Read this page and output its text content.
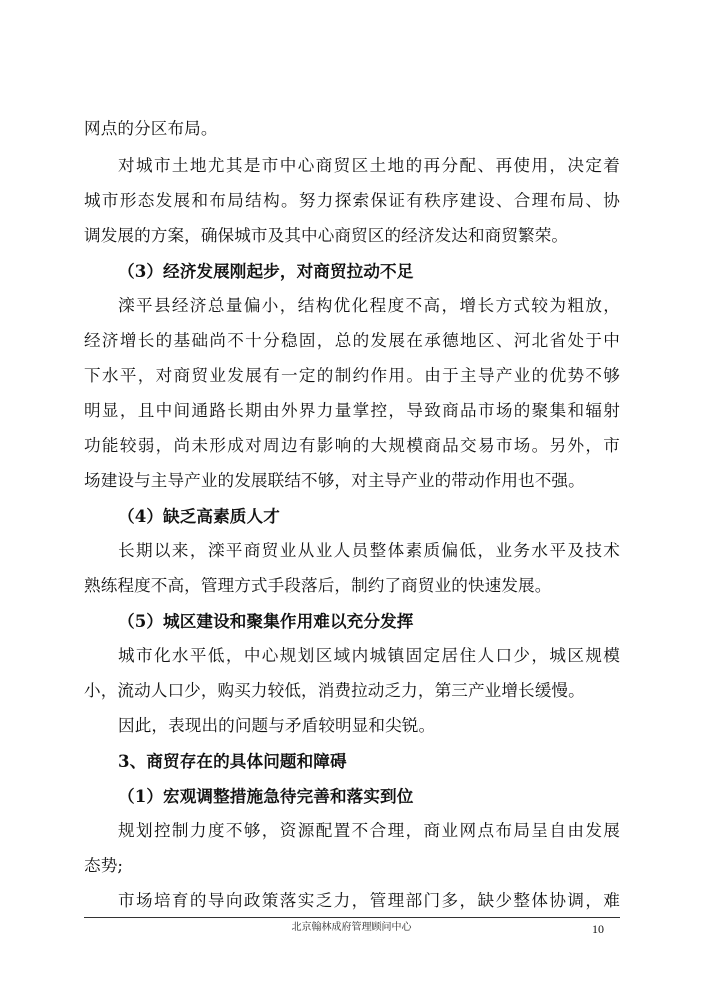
网点的分区布局。
对城市土地尤其是市中心商贸区土地的再分配、再使用，决定着
城市形态发展和布局结构。努力探索保证有秩序建设、合理布局、协
调发展的方案，确保城市及其中心商贸区的经济发达和商贸繁荣。
（3）经济发展刚起步，对商贸拉动不足
滦平县经济总量偏小，结构优化程度不高，增长方式较为粗放，
经济增长的基础尚不十分稳固，总的发展在承德地区、河北省处于中
下水平，对商贸业发展有一定的制约作用。由于主导产业的优势不够
明显，且中间通路长期由外界力量掌控，导致商品市场的聚集和辐射
功能较弱，尚未形成对周边有影响的大规模商品交易市场。另外，市
场建设与主导产业的发展联结不够，对主导产业的带动作用也不强。
（4）缺乏高素质人才
长期以来，滦平商贸业从业人员整体素质偏低，业务水平及技术
熟练程度不高，管理方式手段落后，制约了商贸业的快速发展。
（5）城区建设和聚集作用难以充分发挥
城市化水平低，中心规划区域内城镇固定居住人口少，城区规模
小，流动人口少，购买力较低，消费拉动乏力，第三产业增长缓慢。
因此，表现出的问题与矛盾较明显和尖锐。
3、商贸存在的具体问题和障碍
（1）宏观调整措施急待完善和落实到位
规划控制力度不够，资源配置不合理，商业网点布局呈自由发展
态势;
市场培育的导向政策落实乏力，管理部门多，缺少整体协调，难
北京翰林成府管理顾问中心	10
